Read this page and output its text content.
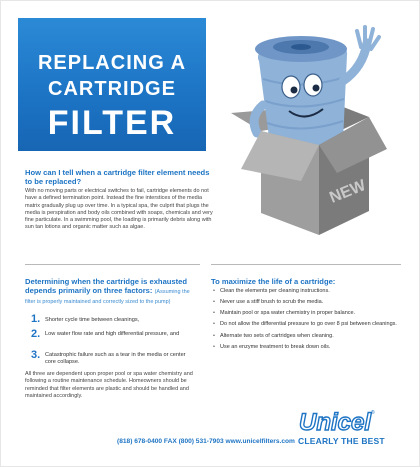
REPLACING A
CARTRIDGE
FILTER
NEW
How can I tell when a cartridge filter element needs to be replaced?
With no moving parts or electrical switches to fail, cartridge elements do not have a defined termination point. Instead the fine interstices of the media matrix gradually plug up over time. In a typical spa, the culprit that plugs the media is perspiration and body oils combined with soaps, chemicals and very fine particulate. In a swimming pool, the loading is primarily debris along with sun tan lotions and organic matter such as algae.
Determining when the cartridge is exhausted depends primarily on three factors: (Assuming the filter is properly maintained and correctly sized to the pump)
1. Shorter cycle time between cleanings,
2. Low water flow rate and high differential pressure, and
3. Catastrophic failure such as a tear in the media or center core collapse.
All three are dependent upon proper pool or spa water chemistry and following a routine maintenance schedule. Homeowners should be reminded that filter elements are plastic and should be handled and maintained accordingly.
To maximize the life of a cartridge:
• Clean the elements per cleaning instructions.
• Never use a stiff brush to scrub the media.
• Maintain pool or spa water chemistry in proper balance.
• Do not allow the differential pressure to go over 8 psi between cleanings.
• Alternate two sets of cartridges when cleaning.
• Use an enzyme treatment to break down oils.
Unicel ®
CLEARLY THE BEST
(818) 678-0400 FAX (800) 531-7903 www.unicelfilters.com
